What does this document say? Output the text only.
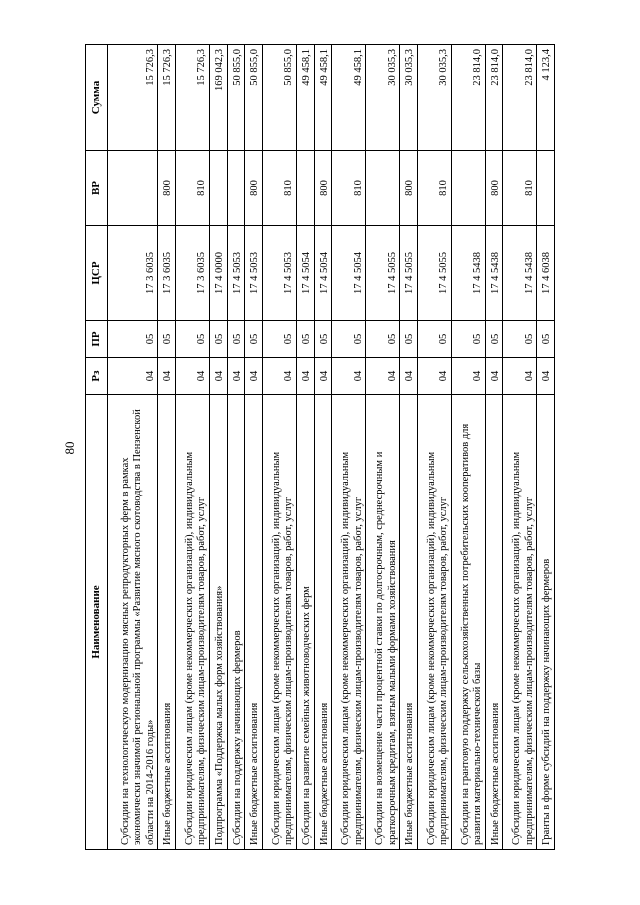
80
Наименование	Рз	ПР	ЦСР	ВР	Сумма
Субсидии на технологическую модернизацию мясных репродукторных ферм в рамках экономически значимой региональной программы «Развитие мясного скотоводства в Пензенской области на 2014-2016 годы»	04	05	17 3 6035		15 726,3
Иные бюджетные ассигнования	04	05	17 3 6035	800	15 726,3
Субсидии юридическим лицам (кроме некоммерческих организаций), индивидуальным предпринимателям, физическим лицам-производителям товаров, работ, услуг	04	05	17 3 6035	810	15 726,3
Подпрограмма «Поддержка малых форм хозяйствования»	04	05	17 4 0000		169 042,3
Субсидии на поддержку начинающих фермеров	04	05	17 4 5053		50 855,0
Иные бюджетные ассигнования	04	05	17 4 5053	800	50 855,0
Субсидии юридическим лицам (кроме некоммерческих организаций), индивидуальным предпринимателям, физическим лицам-производителям товаров, работ, услуг	04	05	17 4 5053	810	50 855,0
Субсидии на развитие семейных животноводческих ферм	04	05	17 4 5054		49 458,1
Иные бюджетные ассигнования	04	05	17 4 5054	800	49 458,1
Субсидии юридическим лицам (кроме некоммерческих организаций), индивидуальным предпринимателям, физическим лицам-производителям товаров, работ, услуг	04	05	17 4 5054	810	49 458,1
Субсидии на возмещение части процентной ставки по долгосрочным, среднесрочным и краткосрочным кредитам, взятым малыми формами хозяйствования	04	05	17 4 5055		30 035,3
Иные бюджетные ассигнования	04	05	17 4 5055	800	30 035,3
Субсидии юридическим лицам (кроме некоммерческих организаций), индивидуальным предпринимателям, физическим лицам-производителям товаров, работ, услуг	04	05	17 4 5055	810	30 035,3
Субсидии на грантовую поддержку сельскохозяйственных потребительских кооперативов для развития материально-технической базы	04	05	17 4 5438		23 814,0
Иные бюджетные ассигнования	04	05	17 4 5438	800	23 814,0
Субсидии юридическим лицам (кроме некоммерческих организаций), индивидуальным предпринимателям, физическим лицам-производителям товаров, работ, услуг	04	05	17 4 5438	810	23 814,0
Гранты в форме субсидий на поддержку начинающих фермеров	04	05	17 4 6038		4 123,4
